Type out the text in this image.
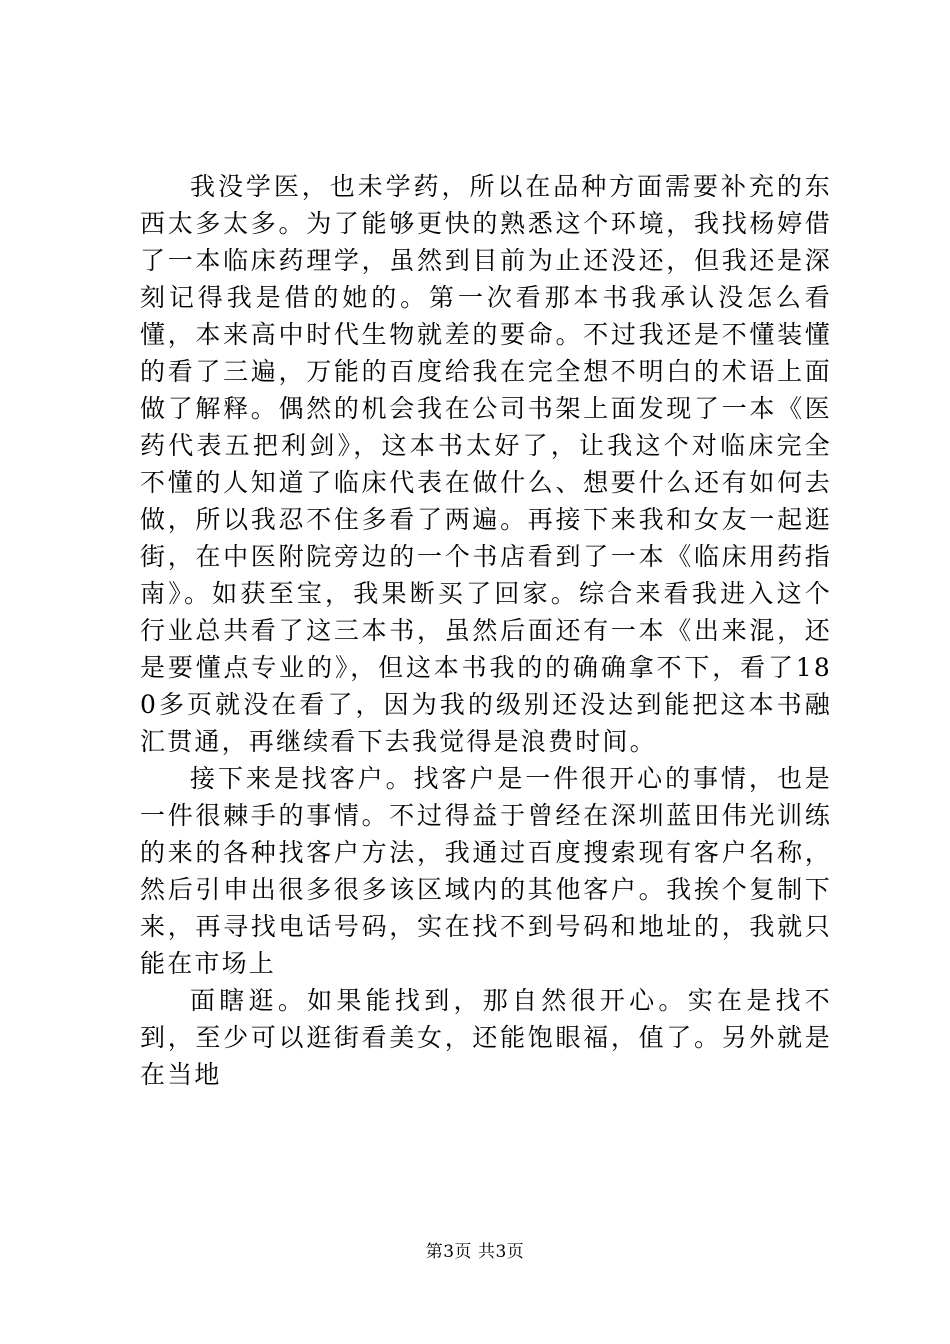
我没学医，也未学药，所以在品种方面需要补充的东西太多太多。为了能够更快的熟悉这个环境，我找杨婷借了一本临床药理学，虽然到目前为止还没还，但我还是深刻记得我是借的她的。第一次看那本书我承认没怎么看懂，本来高中时代生物就差的要命。不过我还是不懂装懂的看了三遍，万能的百度给我在完全想不明白的术语上面做了解释。偶然的机会我在公司书架上面发现了一本《医药代表五把利剑》，这本书太好了，让我这个对临床完全不懂的人知道了临床代表在做什么、想要什么还有如何去做，所以我忍不住多看了两遍。再接下来我和女友一起逛街，在中医附院旁边的一个书店看到了一本《临床用药指南》。如获至宝，我果断买了回家。综合来看我进入这个行业总共看了这三本书，虽然后面还有一本《出来混，还是要懂点专业的》，但这本书我的的确确拿不下，看了180多页就没在看了，因为我的级别还没达到能把这本书融汇贯通，再继续看下去我觉得是浪费时间。

接下来是找客户。找客户是一件很开心的事情，也是一件很棘手的事情。不过得益于曾经在深圳蓝田伟光训练的来的各种找客户方法，我通过百度搜索现有客户名称，然后引申出很多很多该区域内的其他客户。我挨个复制下来，再寻找电话号码，实在找不到号码和地址的，我就只能在市场上

面瞎逛。如果能找到，那自然很开心。实在是找不到，至少可以逛街看美女，还能饱眼福，值了。另外就是在当地

第3页 共3页
